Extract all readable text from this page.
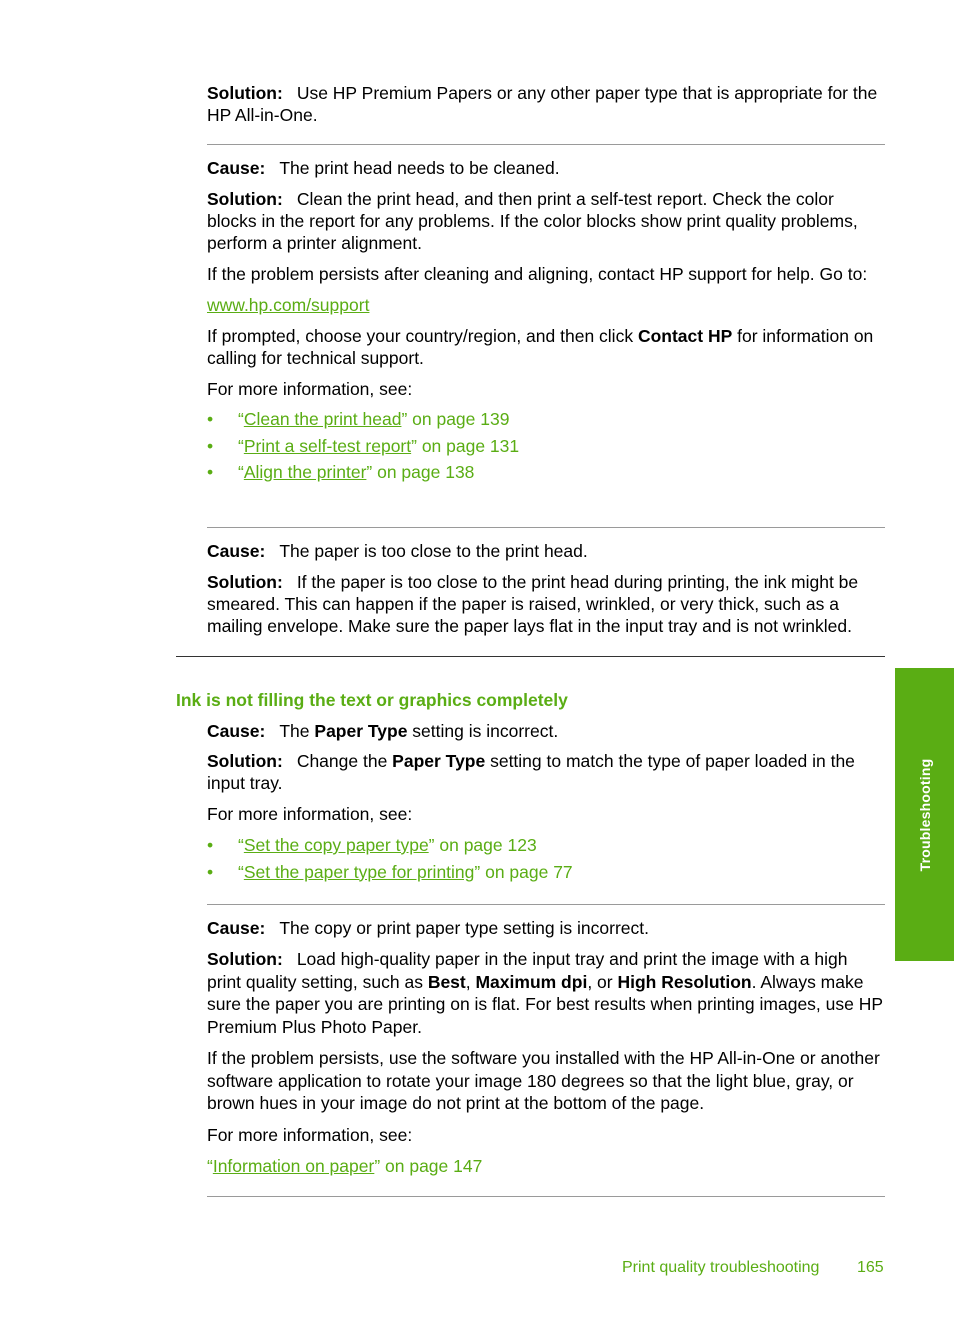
Solution: Use HP Premium Papers or any other paper type that is appropriate for the HP All-in-One.

Cause: The print head needs to be cleaned.

Solution: Clean the print head, and then print a self-test report. Check the color blocks in the report for any problems. If the color blocks show print quality problems, perform a printer alignment.

If the problem persists after cleaning and aligning, contact HP support for help. Go to:

www.hp.com/support

If prompted, choose your country/region, and then click Contact HP for information on calling for technical support.

For more information, see:

• “Clean the print head” on page 139
• “Print a self-test report” on page 131
• “Align the printer” on page 138

Cause: The paper is too close to the print head.

Solution: If the paper is too close to the print head during printing, the ink might be smeared. This can happen if the paper is raised, wrinkled, or very thick, such as a mailing envelope. Make sure the paper lays flat in the input tray and is not wrinkled.

Ink is not filling the text or graphics completely

Cause: The Paper Type setting is incorrect.

Solution: Change the Paper Type setting to match the type of paper loaded in the input tray.

For more information, see:

• “Set the copy paper type” on page 123
• “Set the paper type for printing” on page 77

Cause: The copy or print paper type setting is incorrect.

Solution: Load high-quality paper in the input tray and print the image with a high print quality setting, such as Best, Maximum dpi, or High Resolution. Always make sure the paper you are printing on is flat. For best results when printing images, use HP Premium Plus Photo Paper.

If the problem persists, use the software you installed with the HP All-in-One or another software application to rotate your image 180 degrees so that the light blue, gray, or brown hues in your image do not print at the bottom of the page.

For more information, see:

“Information on paper” on page 147

Troubleshooting
Print quality troubleshooting 165
